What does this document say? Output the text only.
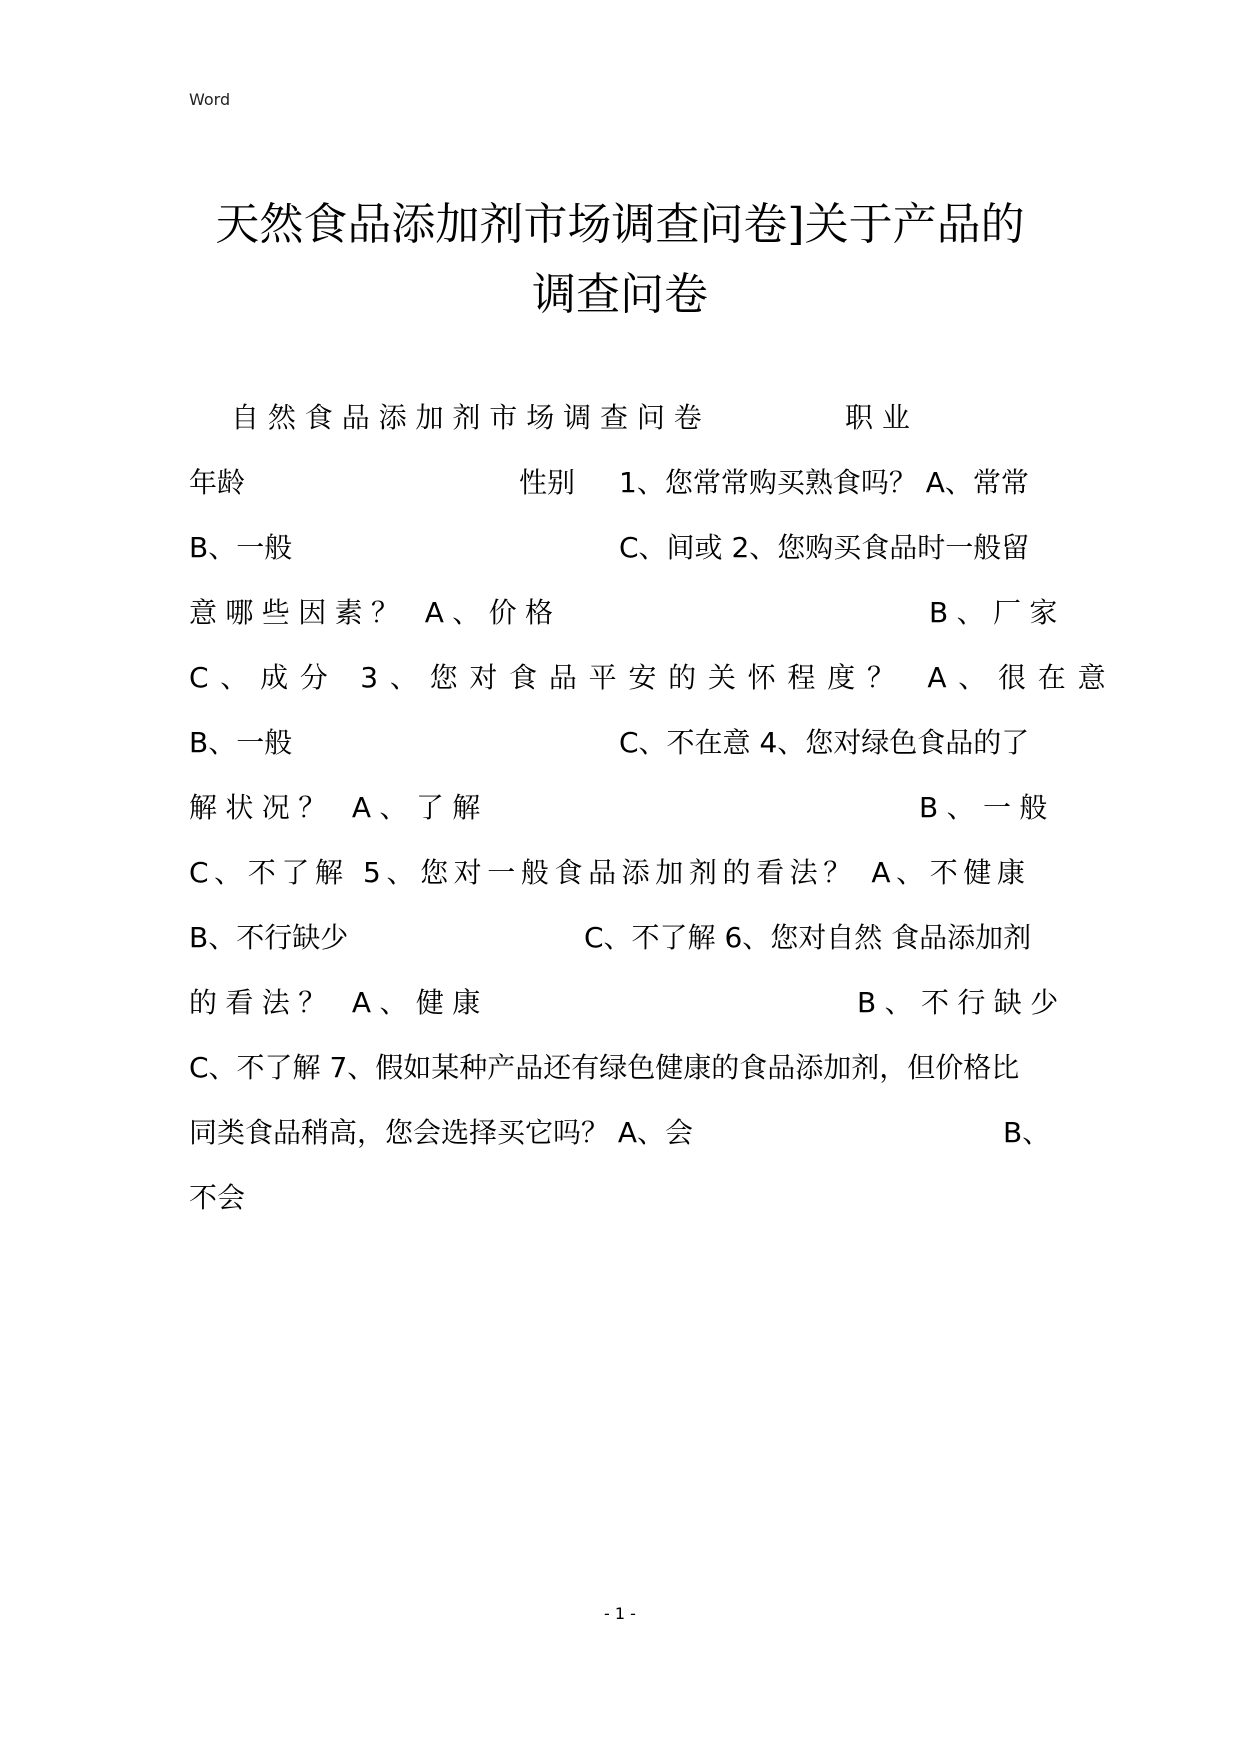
Word
天然食品添加剂市场调查问卷]关于产品的
调查问卷
自 然 食 品 添 加 剂 市 场 调 查 问 卷	职 业
年龄	性别 1、您常常购买熟食吗？ A、常常
B、一般	C、间或 2、您购买食品时一般留
意哪些因素？ A、价格	B、厂家
C、成分 3、您对食品平安的关怀程度？ A、很在意
B、一般	C、不在意 4、您对绿色食品的了
解状况？ A、了解	B、一般
C、不了解 5、您对一般食品添加剂的看法？ A、不健康
B、不行缺少	C、不了解 6、您对自然 食品添加剂
的看法？ A、健康	B、不行缺少
C、不了解 7、假如某种产品还有绿色健康的食品添加剂，但价格比
同类食品稍高，您会选择买它吗？ A、会	B、
不会
- 1 -
